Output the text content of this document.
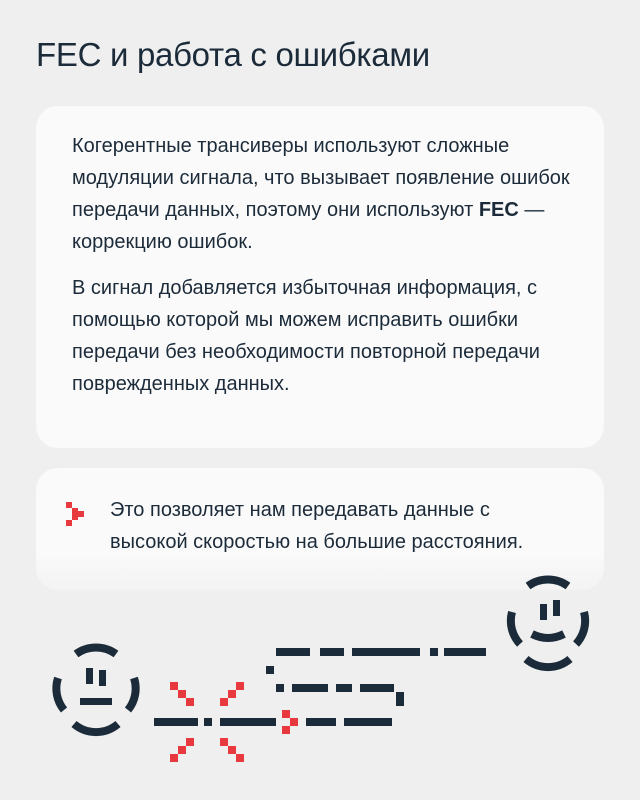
FEC и работа с ошибками

Когерентные трансиверы используют сложные модуляции сигнала, что вызывает появление ошибок передачи данных, поэтому они используют FEC — коррекцию ошибок.

В сигнал добавляется избыточная информация, с помощью которой мы можем исправить ошибки передачи без необходимости повторной передачи поврежденных данных.

Это позволяет нам передавать данные с высокой скоростью на большие расстояния.
